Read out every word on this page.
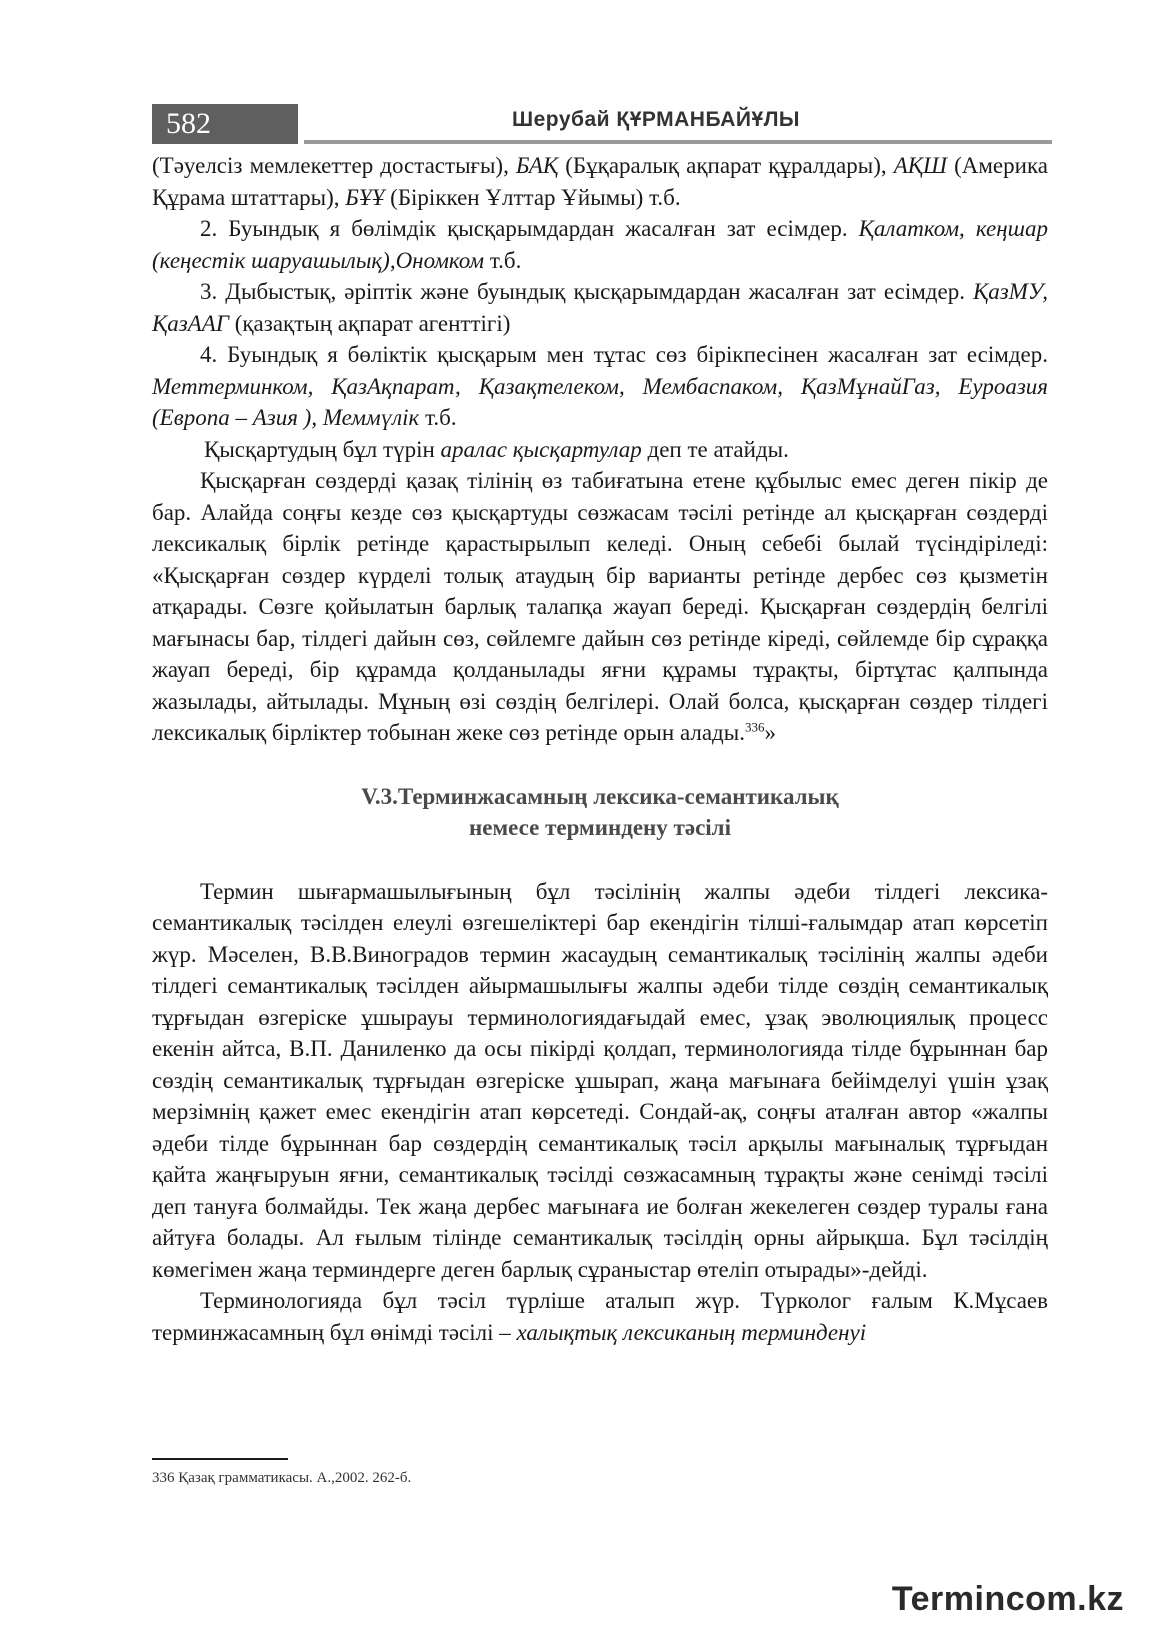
582	Шерубай ҚҰРМАНБАЙҰЛЫ

(Тәуелсіз мемлекеттер достастығы), БАҚ (Бұқаралық ақпарат құралдары), АҚШ (Америка Құрама штаттары), БҰҰ (Біріккен Ұлттар Ұйымы) т.б.

2. Буындық я бөлімдік қысқарымдардан жасалған зат есімдер. Қалатком, кеңшар (кеңестік шаруашылық),Ономком т.б.

3. Дыбыстық, әріптік және буындық қысқарымдардан жасалған зат есімдер. ҚазМУ, ҚазААГ (қазақтың ақпарат агенттігі)

4. Буындық я бөліктік қысқарым мен тұтас сөз бірікпесінен жасалған зат есімдер. Меmтерминком, ҚазАқпарат, Қазақтелеком, Мембаспаком, ҚазМұнайГаз, Еуроазия (Европа – Азия ), Меммүлік т.б.

Қысқартудың бұл түрін аралас қысқартулар деп те атайды.

Қысқарған сөздерді қазақ тілінің өз табиғатына етене құбылыс емес деген пікір де бар. Алайда соңғы кезде сөз қысқартуды сөзжасам тәсілі ретінде ал қысқарған сөздерді лексикалық бірлік ретінде қарастырылып келеді. Оның себебі былай түсіндіріледі: «Қысқарған сөздер күрделі толық атаудың бір варианты ретінде дербес сөз қызметін атқарады. Сөзге қойылатын барлық талапқа жауап береді. Қысқарған сөздердің белгілі мағынасы бар, тілдегі дайын сөз, сөйлемге дайын сөз ретінде кіреді, сөйлемде бір сұраққа жауап береді, бір құрамда қолданылады яғни құрамы тұрақты, біртұтас қалпында жазылады, айтылады. Мұның өзі сөздің белгілері. Олай болса, қысқарған сөздер тілдегі лексикалық бірліктер тобынан жеке сөз ретінде орын алады.$^{336}$»

V.3.Терминжасамның лексика-семантикалық
немесе терминдену тәсілі

Термин шығармашылығының бұл тәсілінің жалпы әдеби тілдегі лексика-семантикалық тәсілден елеулі өзгешеліктері бар екендігін тілші-ғалымдар атап көрсетіп жүр. Мәселен, В.В.Виноградов термин жасаудың семантикалық тәсілінің жалпы әдеби тілдегі семантикалық тәсілден айырмашылығы жалпы әдеби тілде сөздің семантикалық тұрғыдан өзгеріске ұшырауы терминологиядағыдай емес, ұзақ эволюциялық процесс екенін айтса, В.П. Даниленко да осы пікірді қолдап, терминологияда тілде бұрыннан бар сөздің семантикалық тұрғыдан өзгеріске ұшырап, жаңа мағынаға бейімделуі үшін ұзақ мерзімнің қажет емес екендігін атап көрсетеді. Сондай-ақ, соңғы аталған автор «жалпы әдеби тілде бұрыннан бар сөздердің семантикалық тәсіл арқылы мағыналық тұрғыдан қайта жаңғыруын яғни, семантикалық тәсілді сөзжасамның тұрақты және сенімді тәсілі деп тануға болмайды. Тек жаңа дербес мағынаға ие болған жекелеген сөздер туралы ғана айтуға болады. Ал ғылым тілінде семантикалық тәсілдің орны айрықша. Бұл тәсілдің көмегімен жаңа терминдерге деген барлық сұраныстар өтеліп отырады»-дейді.

Терминологияда бұл тәсіл түрліше аталып жүр. Түрколог ғалым К.Мұсаев терминжасамның бұл өнімді тәсілі – халықтық лексиканың терминденуі

336 Қазақ грамматикасы. А.,2002. 262-б.
Termincom.kz
